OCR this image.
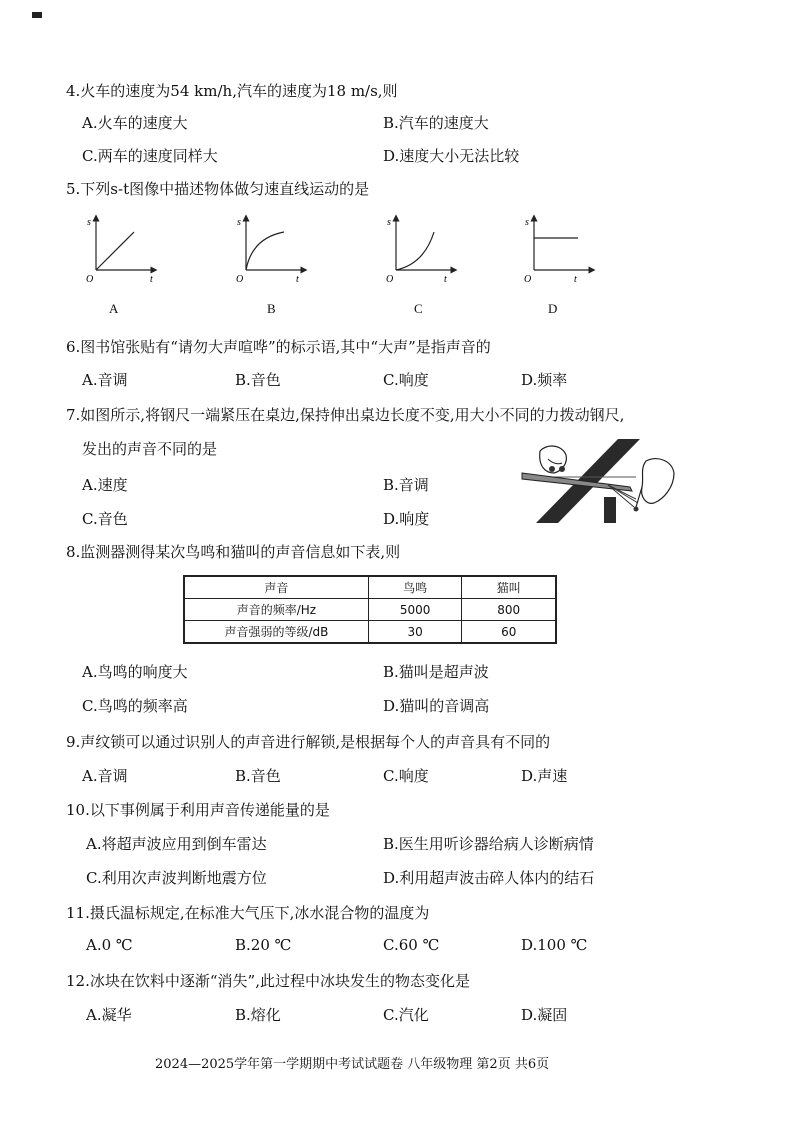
4.火车的速度为54 km/h,汽车的速度为18 m/s,则
A.火车的速度大	B.汽车的速度大
C.两车的速度同样大	D.速度大小无法比较
5.下列s-t图像中描述物体做匀速直线运动的是
s
t
O
A
s
t
O
B
s
t
O
C
s
t
O
D
6.图书馆张贴有“请勿大声喧哗”的标示语,其中“大声”是指声音的
A.音调	B.音色	C.响度	D.频率
7.如图所示,将钢尺一端紧压在桌边,保持伸出桌边长度不变,用大小不同的力拨动钢尺,
发出的声音不同的是
A.速度	B.音调
C.音色	D.响度
8.监测器测得某次鸟鸣和猫叫的声音信息如下表,则
声音	鸟鸣	猫叫
声音的频率/Hz	5000	800
声音强弱的等级/dB	30	60
A.鸟鸣的响度大	B.猫叫是超声波
C.鸟鸣的频率高	D.猫叫的音调高
9.声纹锁可以通过识别人的声音进行解锁,是根据每个人的声音具有不同的
A.音调	B.音色	C.响度	D.声速
10.以下事例属于利用声音传递能量的是
A.将超声波应用到倒车雷达	B.医生用听诊器给病人诊断病情
C.利用次声波判断地震方位	D.利用超声波击碎人体内的结石
11.摄氏温标规定,在标准大气压下,冰水混合物的温度为
A.0 ℃	B.20 ℃	C.60 ℃	D.100 ℃
12.冰块在饮料中逐渐“消失”,此过程中冰块发生的物态变化是
A.凝华	B.熔化	C.汽化	D.凝固
2024—2025学年第一学期期中考试试题卷 八年级物理 第2页 共6页
